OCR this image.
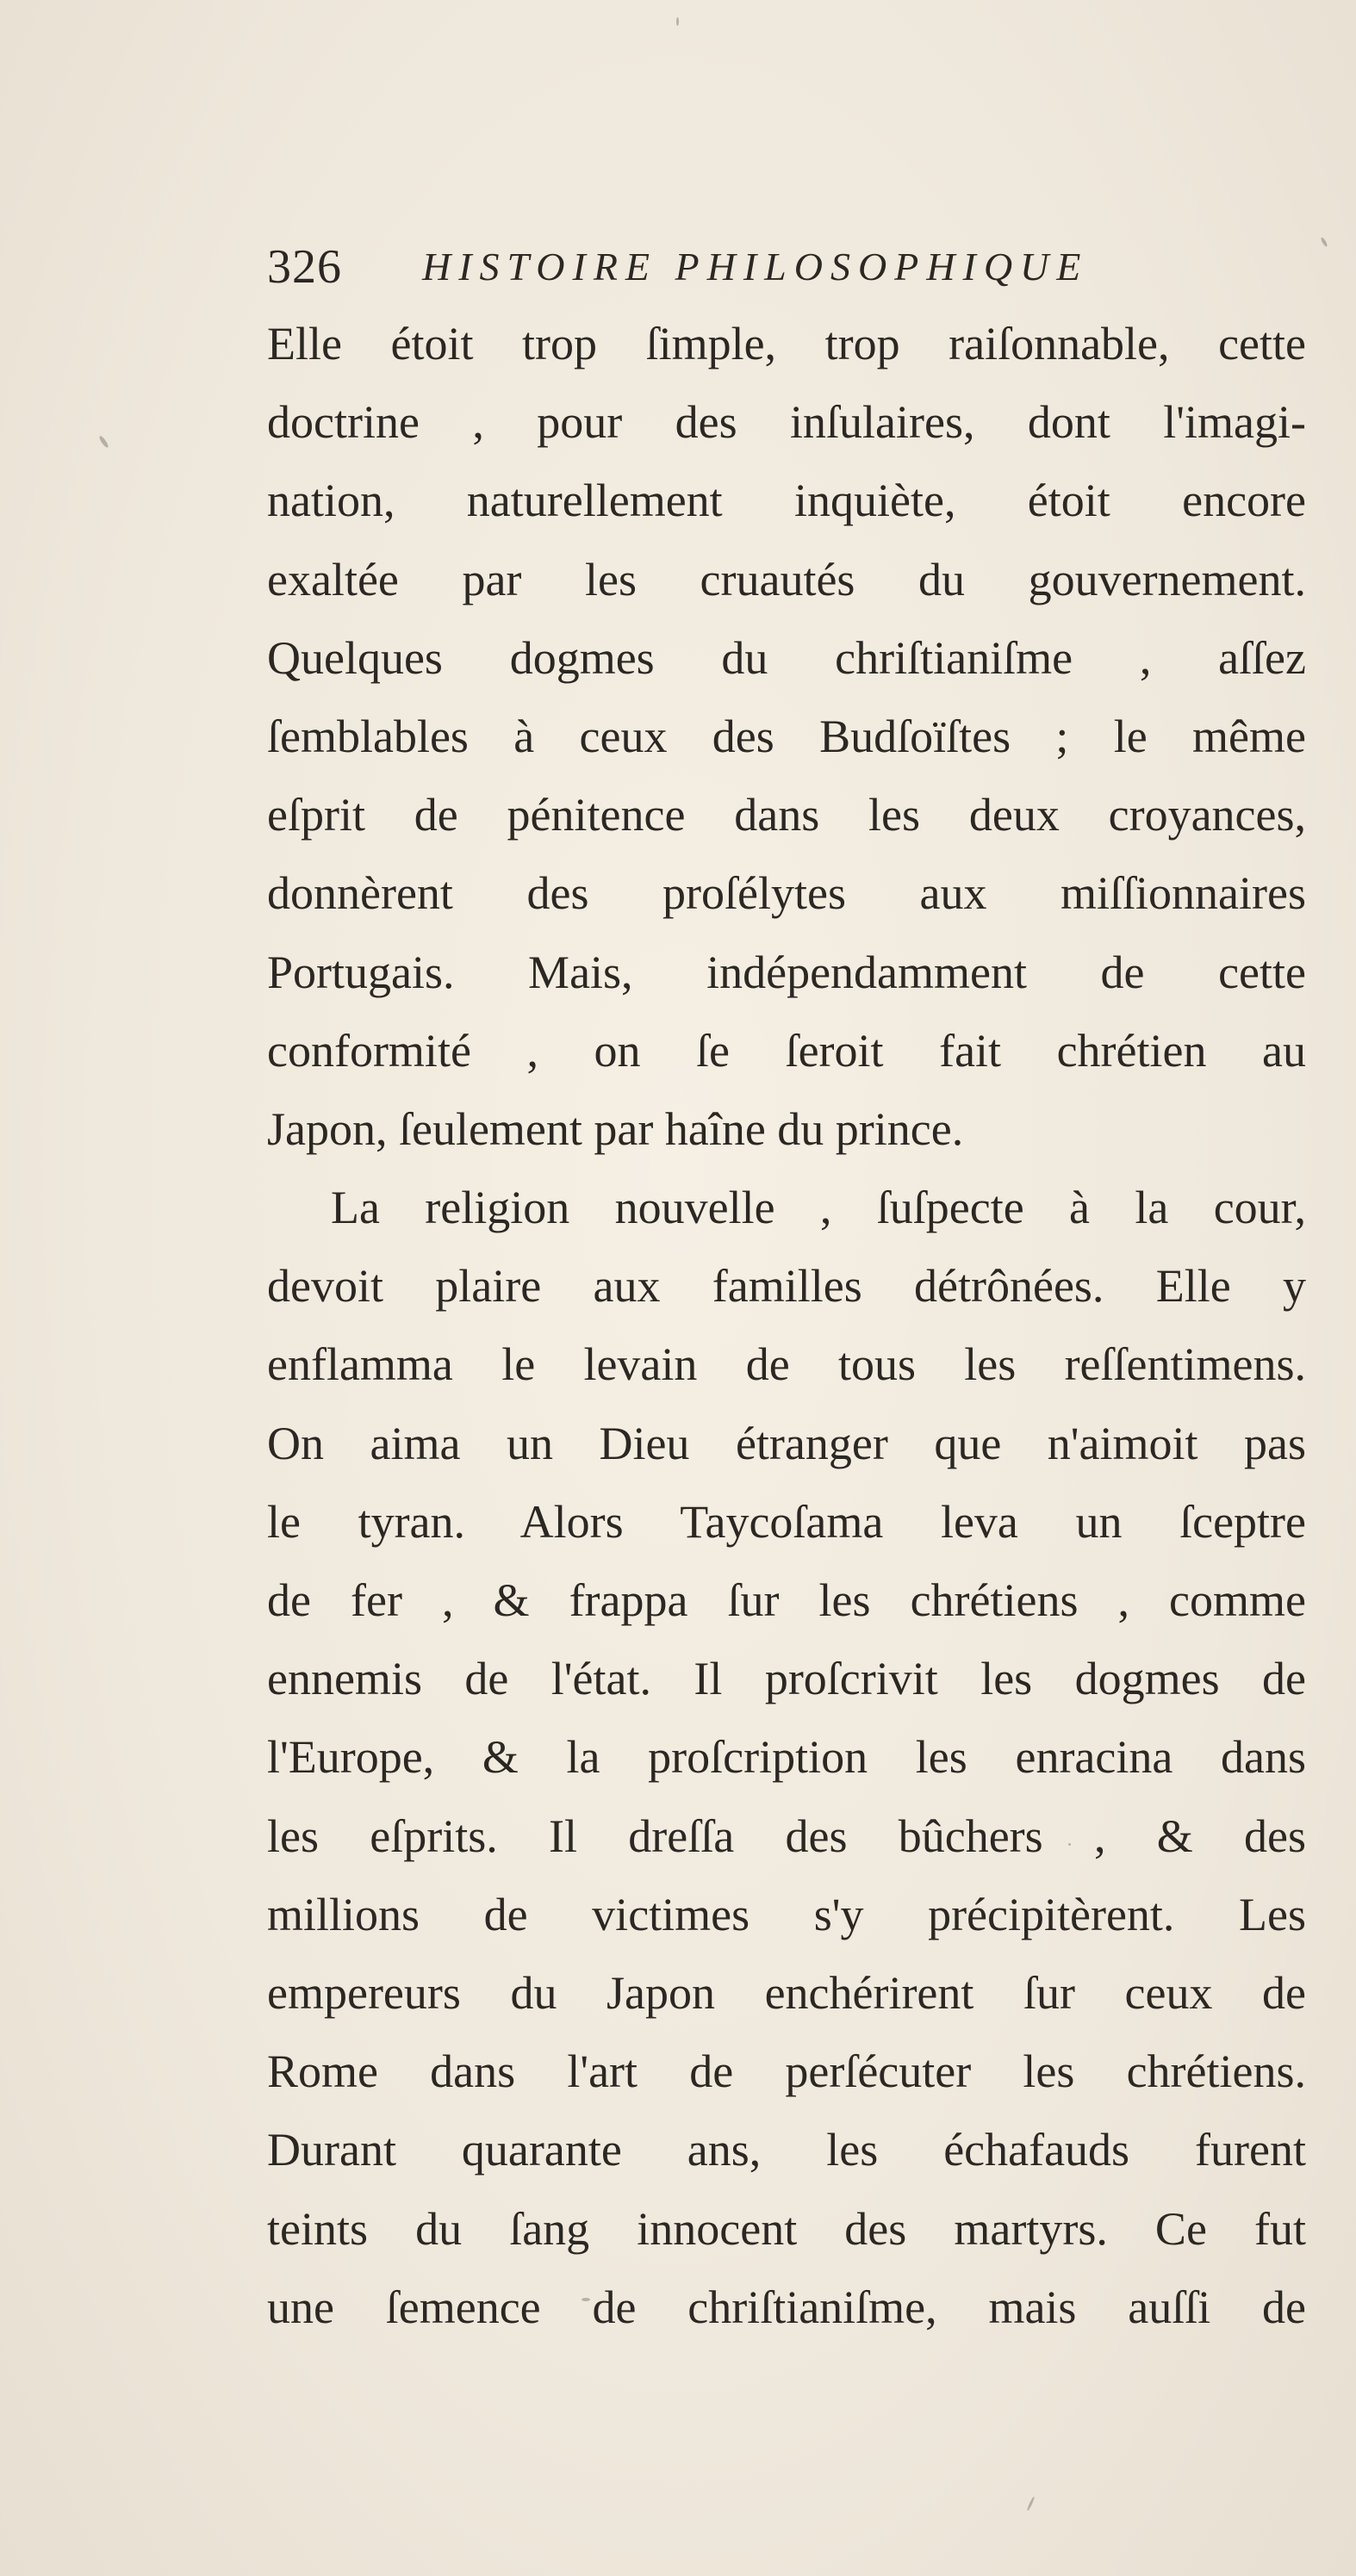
326 HISTOIRE PHILOSOPHIQUE
Elle étoit trop ſimple, trop raiſonnable, cette
doctrine , pour des inſulaires, dont l'imagi-
nation, naturellement inquiète, étoit encore
exaltée par les cruautés du gouvernement.
Quelques dogmes du chriſtianiſme , aſſez
ſemblables à ceux des Budſoïſtes ; le même
eſprit de pénitence dans les deux croyances,
donnèrent des proſélytes aux miſſionnaires
Portugais. Mais, indépendamment de cette
conformité , on ſe ſeroit fait chrétien au
Japon, ſeulement par haîne du prince.
La religion nouvelle , ſuſpecte à la cour,
devoit plaire aux familles détrônées. Elle y
enflamma le levain de tous les reſſentimens.
On aima un Dieu étranger que n'aimoit pas
le tyran. Alors Taycoſama leva un ſceptre
de fer , & frappa ſur les chrétiens , comme
ennemis de l'état. Il proſcrivit les dogmes de
l'Europe, & la proſcription les enracina dans
les eſprits. Il dreſſa des bûchers , & des
millions de victimes s'y précipitèrent. Les
empereurs du Japon enchérirent ſur ceux de
Rome dans l'art de perſécuter les chrétiens.
Durant quarante ans, les échafauds furent
teints du ſang innocent des martyrs. Ce fut
une ſemence de chriſtianiſme, mais auſſi de
